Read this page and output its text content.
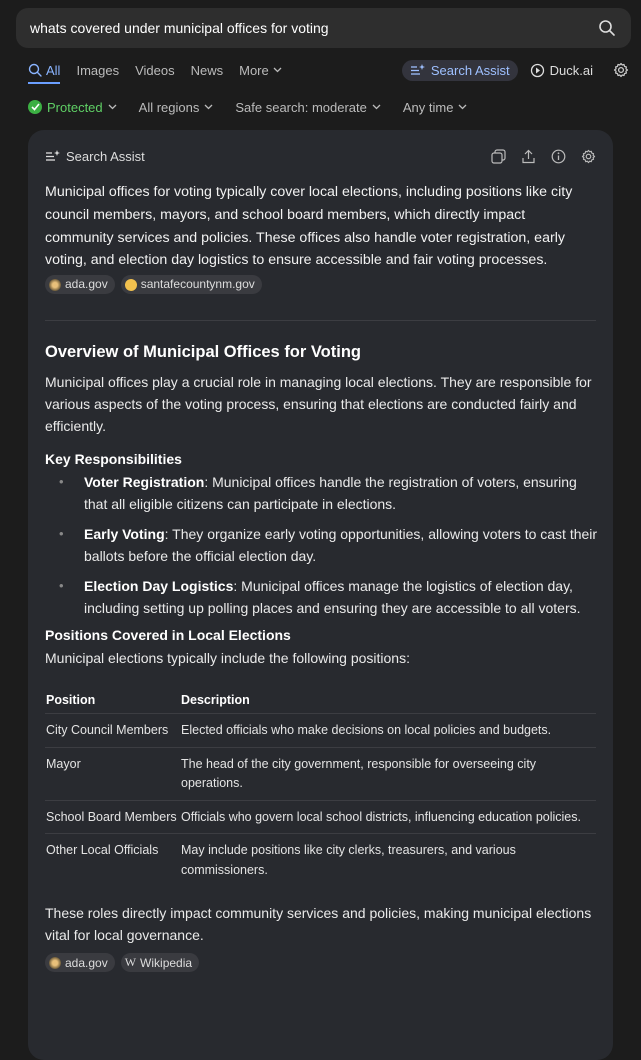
whats covered under municipal offices for voting
All Images Videos News More	Search Assist	Duck.ai
Protected	All regions	Safe search: moderate	Any time
Search Assist
Municipal offices for voting typically cover local elections, including positions like city council members, mayors, and school board members, which directly impact community services and policies. These offices also handle voter registration, early voting, and election day logistics to ensure accessible and fair voting processes.
ada.gov	santafecountynm.gov
Overview of Municipal Offices for Voting

Municipal offices play a crucial role in managing local elections. They are responsible for various aspects of the voting process, ensuring that elections are conducted fairly and efficiently.

Key Responsibilities
• Voter Registration: Municipal offices handle the registration of voters, ensuring that all eligible citizens can participate in elections.
• Early Voting: They organize early voting opportunities, allowing voters to cast their ballots before the official election day.
• Election Day Logistics: Municipal offices manage the logistics of election day, including setting up polling places and ensuring they are accessible to all voters.
Positions Covered in Local Elections

Municipal elections typically include the following positions:

Position	Description
City Council Members	Elected officials who make decisions on local policies and budgets.
Mayor	The head of the city government, responsible for overseeing city operations.
School Board Members	Officials who govern local school districts, influencing education policies.
Other Local Officials	May include positions like city clerks, treasurers, and various commissioners.

These roles directly impact community services and policies, making municipal elections vital for local governance.

ada.gov W Wikipedia
